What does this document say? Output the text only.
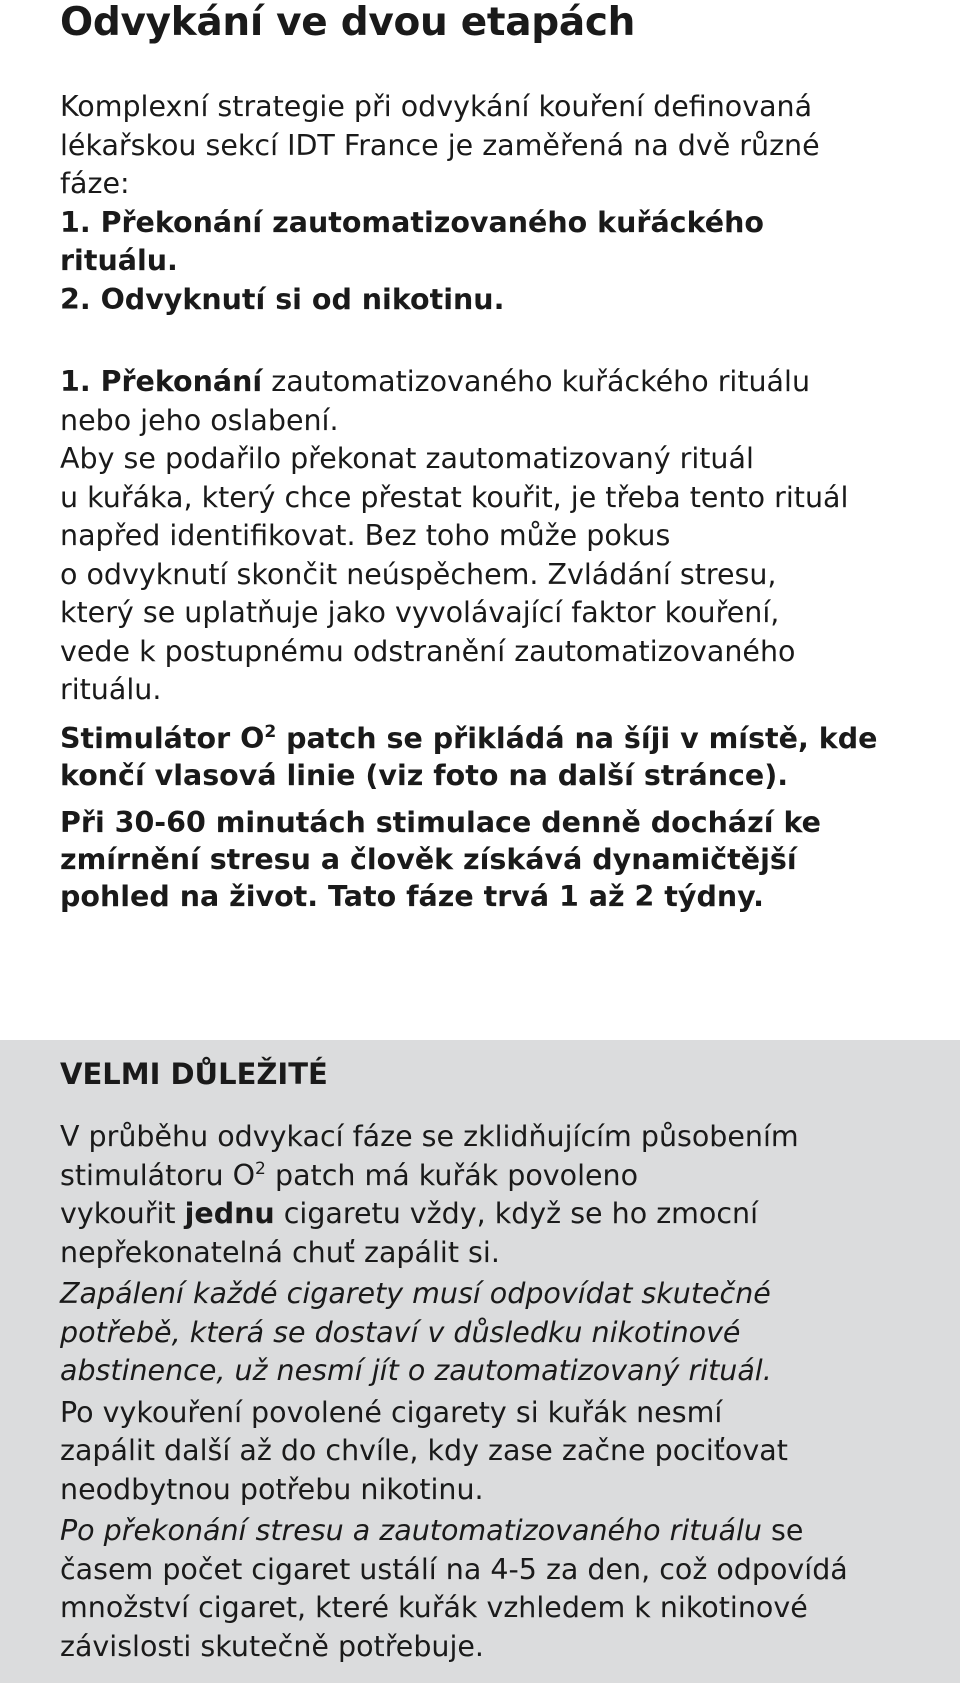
Odvykání ve dvou etapách

Komplexní strategie při odvykání kouření definovaná
lékařskou sekcí IDT France je zaměřená na dvě různé
fáze:
1. Překonání zautomatizovaného kuřáckého
rituálu.
2. Odvyknutí si od nikotinu.

1. Překonání zautomatizovaného kuřáckého rituálu
nebo jeho oslabení.
Aby se podařilo překonat zautomatizovaný rituál
u kuřáka, který chce přestat kouřit, je třeba tento rituál
napřed identifikovat. Bez toho může pokus
o odvyknutí skončit neúspěchem. Zvládání stresu,
který se uplatňuje jako vyvolávající faktor kouření,
vede k postupnému odstranění zautomatizovaného
rituálu.

Stimulátor $O^2$ patch se přikládá na šíji v místě, kde
končí vlasová linie (viz foto na další stránce).

Při 30-60 minutách stimulace denně dochází ke
zmírnění stresu a člověk získává dynamičtější
pohled na život. Tato fáze trvá 1 až 2 týdny.

VELMI DŮLEŽITÉ

V průběhu odvykací fáze se zklidňujícím působením
stimulátoru $O^2$ patch má kuřák povoleno
vykouřit jednu cigaretu vždy, když se ho zmocní
nepřekonatelná chuť zapálit si.

Zapálení každé cigarety musí odpovídat skutečné
potřebě, která se dostaví v důsledku nikotinové
abstinence, už nesmí jít o zautomatizovaný rituál.

Po vykouření povolené cigarety si kuřák nesmí
zapálit další až do chvíle, kdy zase začne pociťovat
neodbytnou potřebu nikotinu.

Po překonání stresu a zautomatizovaného rituálu se
časem počet cigaret ustálí na 4-5 za den, což odpovídá
množství cigaret, které kuřák vzhledem k nikotinové
závislosti skutečně potřebuje.
